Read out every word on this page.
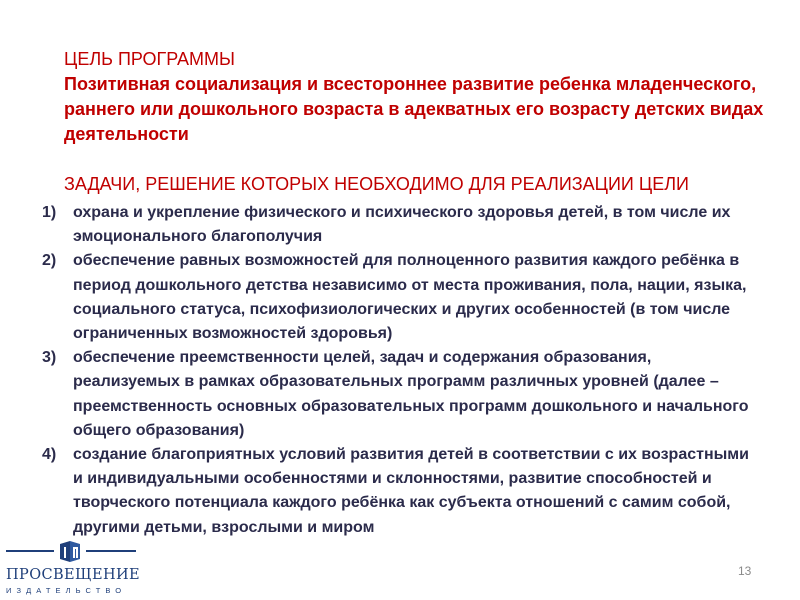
ЦЕЛЬ ПРОГРАММЫ

Позитивная социализация и всестороннее развитие ребенка младенческого, раннего или дошкольного возраста в адекватных его возрасту детских видах деятельности

ЗАДАЧИ, РЕШЕНИЕ КОТОРЫХ НЕОБХОДИМО ДЛЯ РЕАЛИЗАЦИИ ЦЕЛИ
1) охрана и укрепление физического и психического здоровья детей, в том числе их эмоционального благополучия
2) обеспечение равных возможностей для полноценного развития каждого ребёнка в период дошкольного детства независимо от места проживания, пола, нации, языка, социального статуса, психофизиологических и других особенностей (в том числе ограниченных возможностей здоровья)
3) обеспечение преемственности целей, задач и содержания образования, реализуемых в рамках образовательных программ различных уровней (далее – преемственность основных образовательных программ дошкольного и начального общего образования)
4) создание благоприятных условий развития детей в соответствии с их возрастными и индивидуальными особенностями и склонностями, развитие способностей и творческого потенциала каждого ребёнка как субъекта отношений с самим собой, другими детьми, взрослыми и миром
13
ПРОСВЕЩЕНИЕ
ИЗДАТЕЛЬСТВО
